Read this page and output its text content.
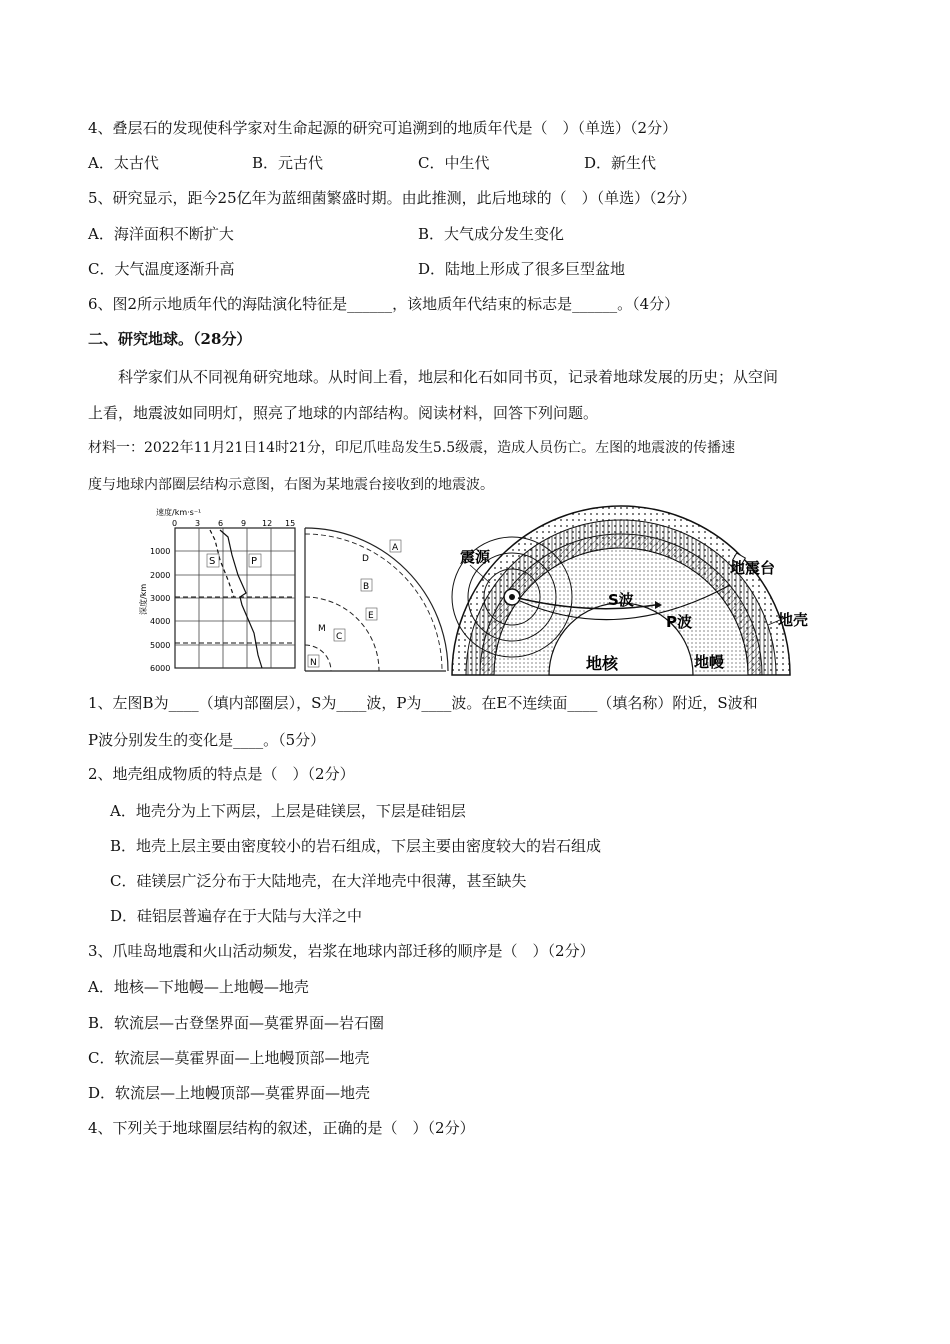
4、叠层石的发现使科学家对生命起源的研究可追溯到的地质年代是（　）（单选）（2分）
A．太古代	B．元古代	C．中生代	D．新生代
5、研究显示，距今25亿年为蓝细菌繁盛时期。由此推测，此后地球的（　）（单选）（2分）
A．海洋面积不断扩大	B．大气成分发生变化
C．大气温度逐渐升高	D．陆地上形成了很多巨型盆地
6、图2所示地质年代的海陆演化特征是______，该地质年代结束的标志是______。（4分）
二、研究地球。（28分）
科学家们从不同视角研究地球。从时间上看，地层和化石如同书页，记录着地球发展的历史；从空间
上看，地震波如同明灯，照亮了地球的内部结构。阅读材料，回答下列问题。
材料一：2022年11月21日14时21分，印尼爪哇岛发生5.5级震，造成人员伤亡。左图的地震波的传播速
度与地球内部圈层结构示意图，右图为某地震台接收到的地震波。
速度/km·s⁻¹
0 3 6 9 12 15
1000
2000
3000
4000
5000
6000
深度/km
S	P
A
D
B
E
M
C
N
震源
地震台
S波
P波	地壳
地核	地幔
1、左图B为____（填内部圈层），S为____波，P为____波。在E不连续面____（填名称）附近，S波和
P波分别发生的变化是____。（5分）
2、地壳组成物质的特点是（　）（2分）
A．地壳分为上下两层，上层是硅镁层，下层是硅铝层
B．地壳上层主要由密度较小的岩石组成，下层主要由密度较大的岩石组成
C．硅镁层广泛分布于大陆地壳，在大洋地壳中很薄，甚至缺失
D．硅铝层普遍存在于大陆与大洋之中
3、爪哇岛地震和火山活动频发，岩浆在地球内部迁移的顺序是（　）（2分）
A．地核—下地幔—上地幔—地壳
B．软流层—古登堡界面—莫霍界面—岩石圈
C．软流层—莫霍界面—上地幔顶部—地壳
D．软流层—上地幔顶部—莫霍界面—地壳
4、下列关于地球圈层结构的叙述，正确的是（　）（2分）
